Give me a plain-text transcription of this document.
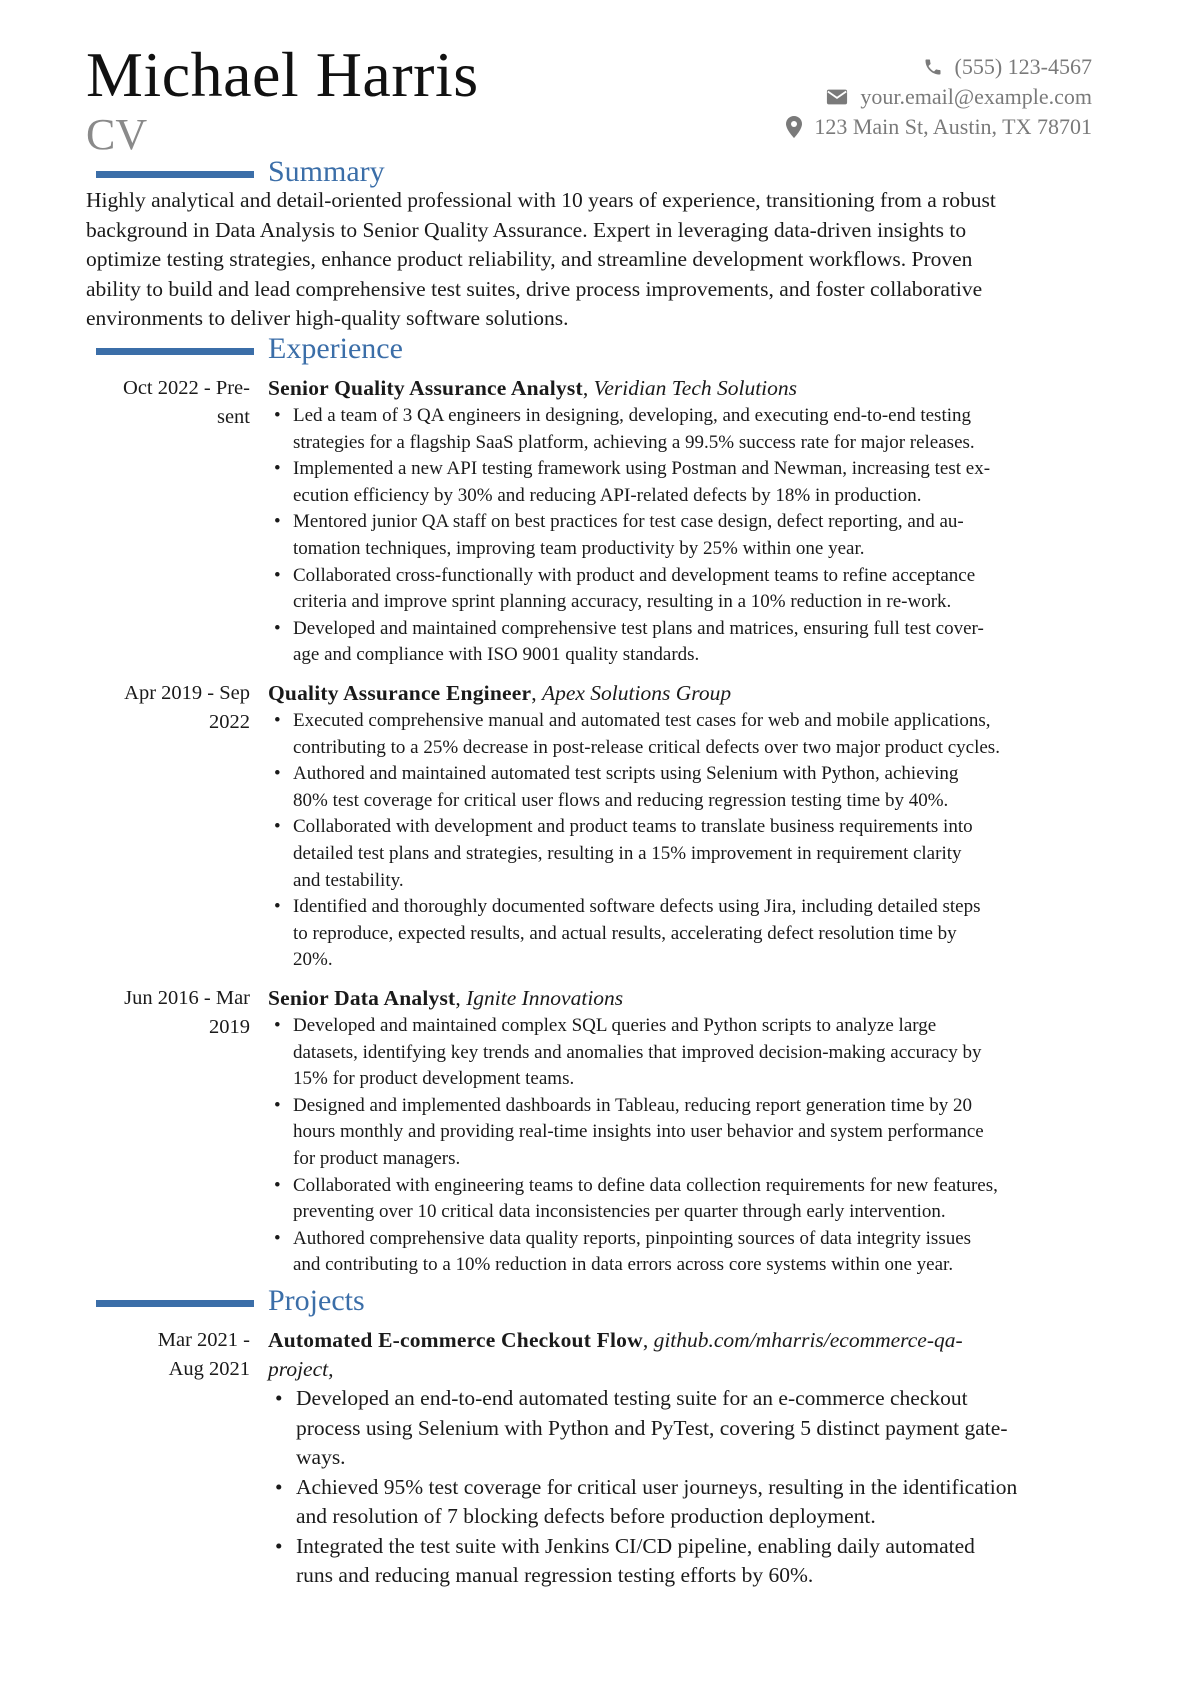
Michael Harris
CV
(555) 123-4567
your.email@example.com
123 Main St, Austin, TX 78701
Summary
Highly analytical and detail-oriented professional with 10 years of experience, transitioning from a robust
background in Data Analysis to Senior Quality Assurance. Expert in leveraging data-driven insights to
optimize testing strategies, enhance product reliability, and streamline development workflows. Proven
ability to build and lead comprehensive test suites, drive process improvements, and foster collaborative
environments to deliver high-quality software solutions.
Experience
Oct 2022 - Pre-
sent
Senior Quality Assurance Analyst, Veridian Tech Solutions
• Led a team of 3 QA engineers in designing, developing, and executing end-to-end testing
strategies for a flagship SaaS platform, achieving a 99.5% success rate for major releases.
• Implemented a new API testing framework using Postman and Newman, increasing test ex-
ecution efficiency by 30% and reducing API-related defects by 18% in production.
• Mentored junior QA staff on best practices for test case design, defect reporting, and au-
tomation techniques, improving team productivity by 25% within one year.
• Collaborated cross-functionally with product and development teams to refine acceptance
criteria and improve sprint planning accuracy, resulting in a 10% reduction in re-work.
• Developed and maintained comprehensive test plans and matrices, ensuring full test cover-
age and compliance with ISO 9001 quality standards.
Apr 2019 - Sep
2022
Quality Assurance Engineer, Apex Solutions Group
• Executed comprehensive manual and automated test cases for web and mobile applications,
contributing to a 25% decrease in post-release critical defects over two major product cycles.
• Authored and maintained automated test scripts using Selenium with Python, achieving
80% test coverage for critical user flows and reducing regression testing time by 40%.
• Collaborated with development and product teams to translate business requirements into
detailed test plans and strategies, resulting in a 15% improvement in requirement clarity
and testability.
• Identified and thoroughly documented software defects using Jira, including detailed steps
to reproduce, expected results, and actual results, accelerating defect resolution time by
20%.
Jun 2016 - Mar
2019
Senior Data Analyst, Ignite Innovations
• Developed and maintained complex SQL queries and Python scripts to analyze large
datasets, identifying key trends and anomalies that improved decision-making accuracy by
15% for product development teams.
• Designed and implemented dashboards in Tableau, reducing report generation time by 20
hours monthly and providing real-time insights into user behavior and system performance
for product managers.
• Collaborated with engineering teams to define data collection requirements for new features,
preventing over 10 critical data inconsistencies per quarter through early intervention.
• Authored comprehensive data quality reports, pinpointing sources of data integrity issues
and contributing to a 10% reduction in data errors across core systems within one year.
Projects
Mar 2021 -
Aug 2021
Automated E-commerce Checkout Flow, github.com/mharris/ecommerce-qa-
project,
• Developed an end-to-end automated testing suite for an e-commerce checkout
process using Selenium with Python and PyTest, covering 5 distinct payment gate-
ways.
• Achieved 95% test coverage for critical user journeys, resulting in the identification
and resolution of 7 blocking defects before production deployment.
• Integrated the test suite with Jenkins CI/CD pipeline, enabling daily automated
runs and reducing manual regression testing efforts by 60%.
